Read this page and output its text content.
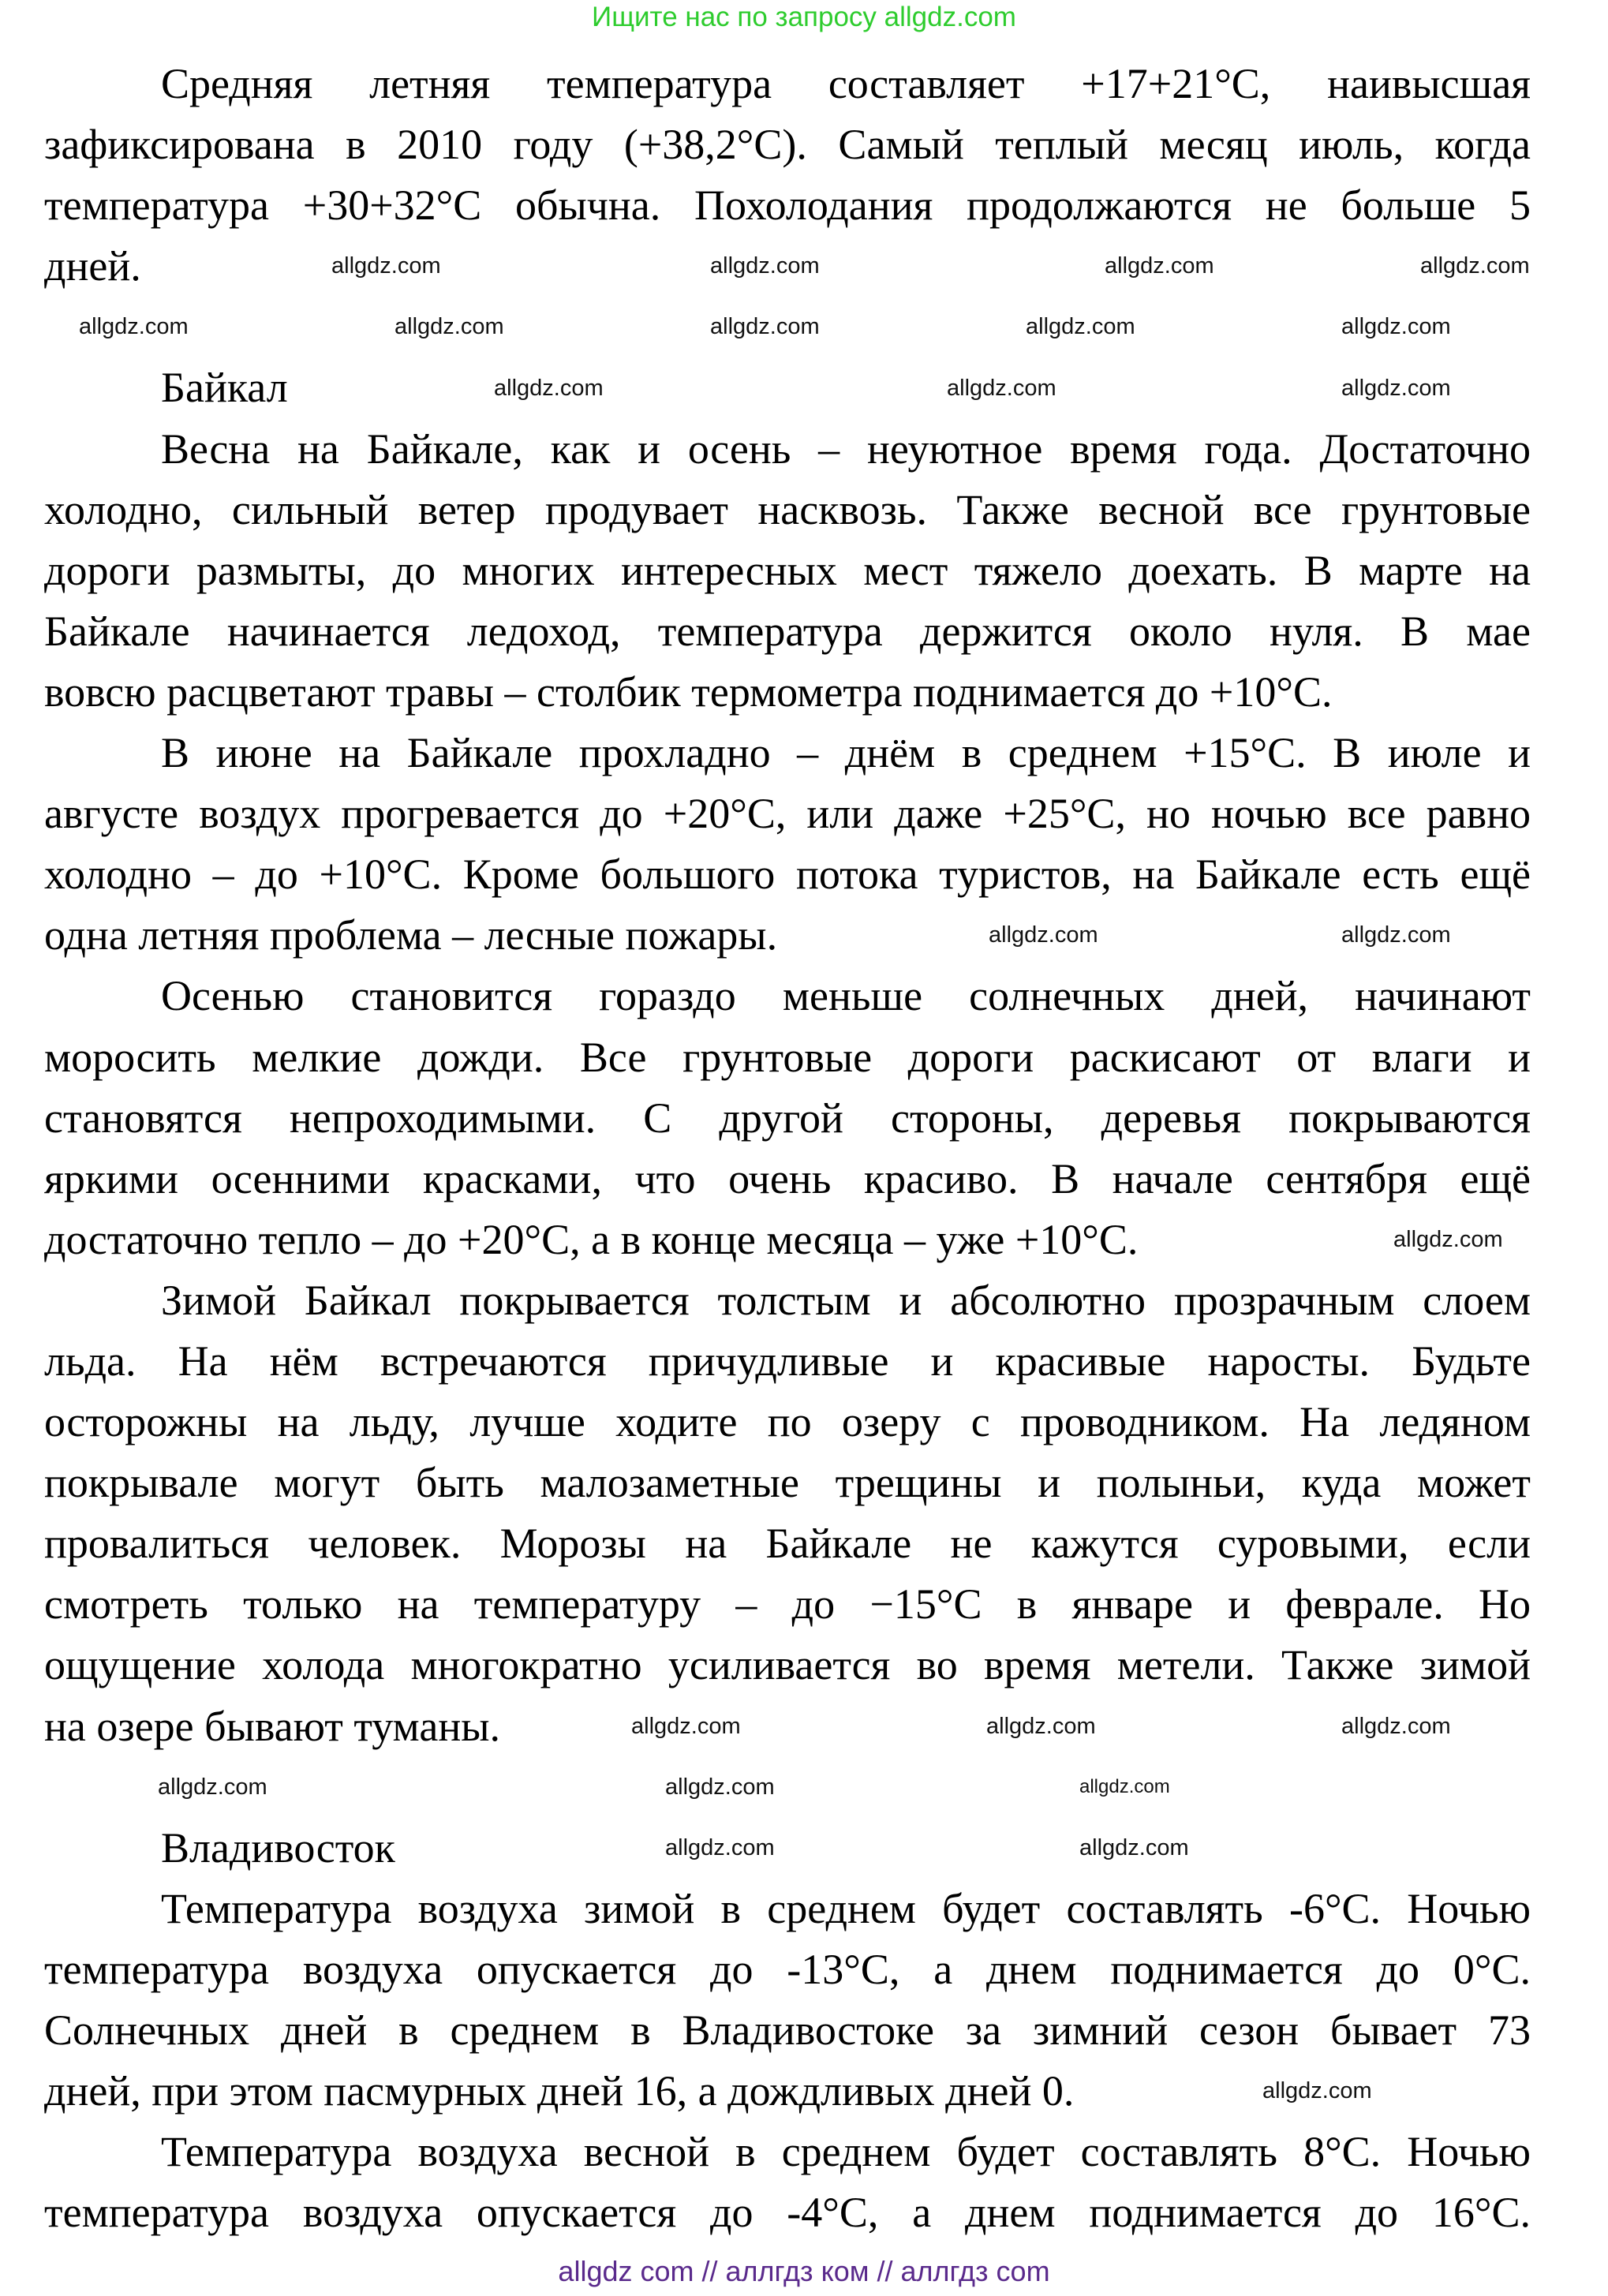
Ищите нас по запросу allgdz.com
Средняя летняя температура составляет +17+21°С, наивысшая
зафиксирована в 2010 году (+38,2°С). Самый теплый месяц июль, когда
температура +30+32°С обычна. Похолодания продолжаются не больше 5
дней.
Байкал
Весна на Байкале, как и осень – неуютное время года. Достаточно
холодно, сильный ветер продувает насквозь. Также весной все грунтовые
дороги размыты, до многих интересных мест тяжело доехать. В марте на
Байкале начинается ледоход, температура держится около нуля. В мае
вовсю расцветают травы – столбик термометра поднимается до +10°С.
В июне на Байкале прохладно – днём в среднем +15°С. В июле и
августе воздух прогревается до +20°С, или даже +25°С, но ночью все равно
холодно – до +10°С. Кроме большого потока туристов, на Байкале есть ещё
одна летняя проблема – лесные пожары.
Осенью становится гораздо меньше солнечных дней, начинают
моросить мелкие дожди. Все грунтовые дороги раскисают от влаги и
становятся непроходимыми. С другой стороны, деревья покрываются
яркими осенними красками, что очень красиво. В начале сентября ещё
достаточно тепло – до +20°С, а в конце месяца – уже +10°С.
Зимой Байкал покрывается толстым и абсолютно прозрачным слоем
льда. На нём встречаются причудливые и красивые наросты. Будьте
осторожны на льду, лучше ходите по озеру с проводником. На ледяном
покрывале могут быть малозаметные трещины и полыньи, куда может
провалиться человек. Морозы на Байкале не кажутся суровыми, если
смотреть только на температуру – до −15°С в январе и феврале. Но
ощущение холода многократно усиливается во время метели. Также зимой
на озере бывают туманы.
Владивосток
Температура воздуха зимой в среднем будет составлять -6°С. Ночью
температура воздуха опускается до -13°С, а днем поднимается до 0°С.
Солнечных дней в среднем в Владивостоке за зимний сезон бывает 73
дней, при этом пасмурных дней 16, а дождливых дней 0.
Температура воздуха весной в среднем будет составлять 8°С. Ночью
температура воздуха опускается до -4°С, а днем поднимается до 16°С.
allgdz.com	allgdz.com	allgdz.com	allgdz.com
allgdz.com	allgdz.com	allgdz.com	allgdz.com	allgdz.com
allgdz.com	allgdz.com	allgdz.com
allgdz.com	allgdz.com
allgdz.com
allgdz.com	allgdz.com	allgdz.com
allgdz.com	allgdz.com	allgdz.com
allgdz.com	allgdz.com
allgdz.com
allgdz com // аллгдз ком // аллгдз com
